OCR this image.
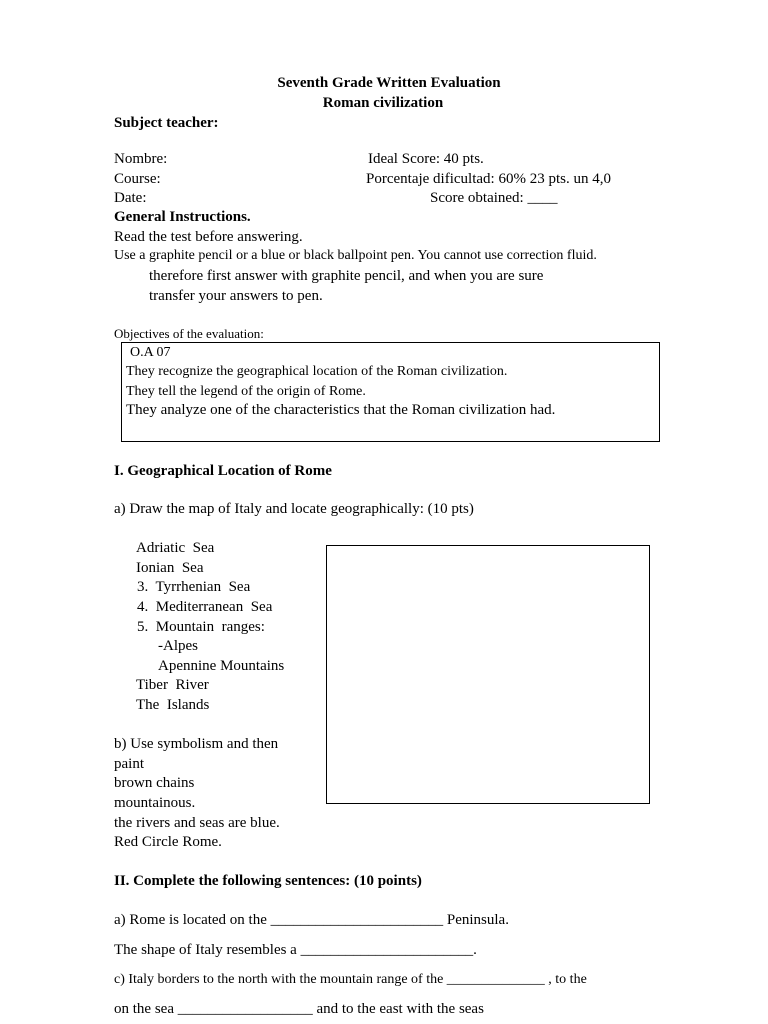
Seventh Grade Written Evaluation
Roman civilization
Subject teacher:
Nombre:
Course:
Date:
Ideal Score: 40 pts.
Porcentaje dificultad: 60% 23 pts. un 4,0
Score obtained: ____
General Instructions.
Read the test before answering.
Use a graphite pencil or a blue or black ballpoint pen. You cannot use correction fluid.
therefore first answer with graphite pencil, and when you are sure
transfer your answers to pen.
Objectives of the evaluation:
O.A 07
They recognize the geographical location of the Roman civilization.
They tell the legend of the origin of Rome.
They analyze one of the characteristics that the Roman civilization had.
I. Geographical Location of Rome
a) Draw the map of Italy and locate geographically: (10 pts)
Adriatic  Sea
Ionian  Sea
3.  Tyrrhenian  Sea
4.  Mediterranean  Sea
5.  Mountain  ranges:
-Alpes
Apennine Mountains
Tiber  River
The  Islands
b) Use symbolism and then
paint
brown chains
mountainous.
the rivers and seas are blue.
Red Circle Rome.
II. Complete the following sentences: (10 points)
a) Rome is located on the _______________________ Peninsula.
The shape of Italy resembles a _______________________.
c) Italy borders to the north with the mountain range of the ______________ , to the
on the sea __________________ and to the east with the seas
